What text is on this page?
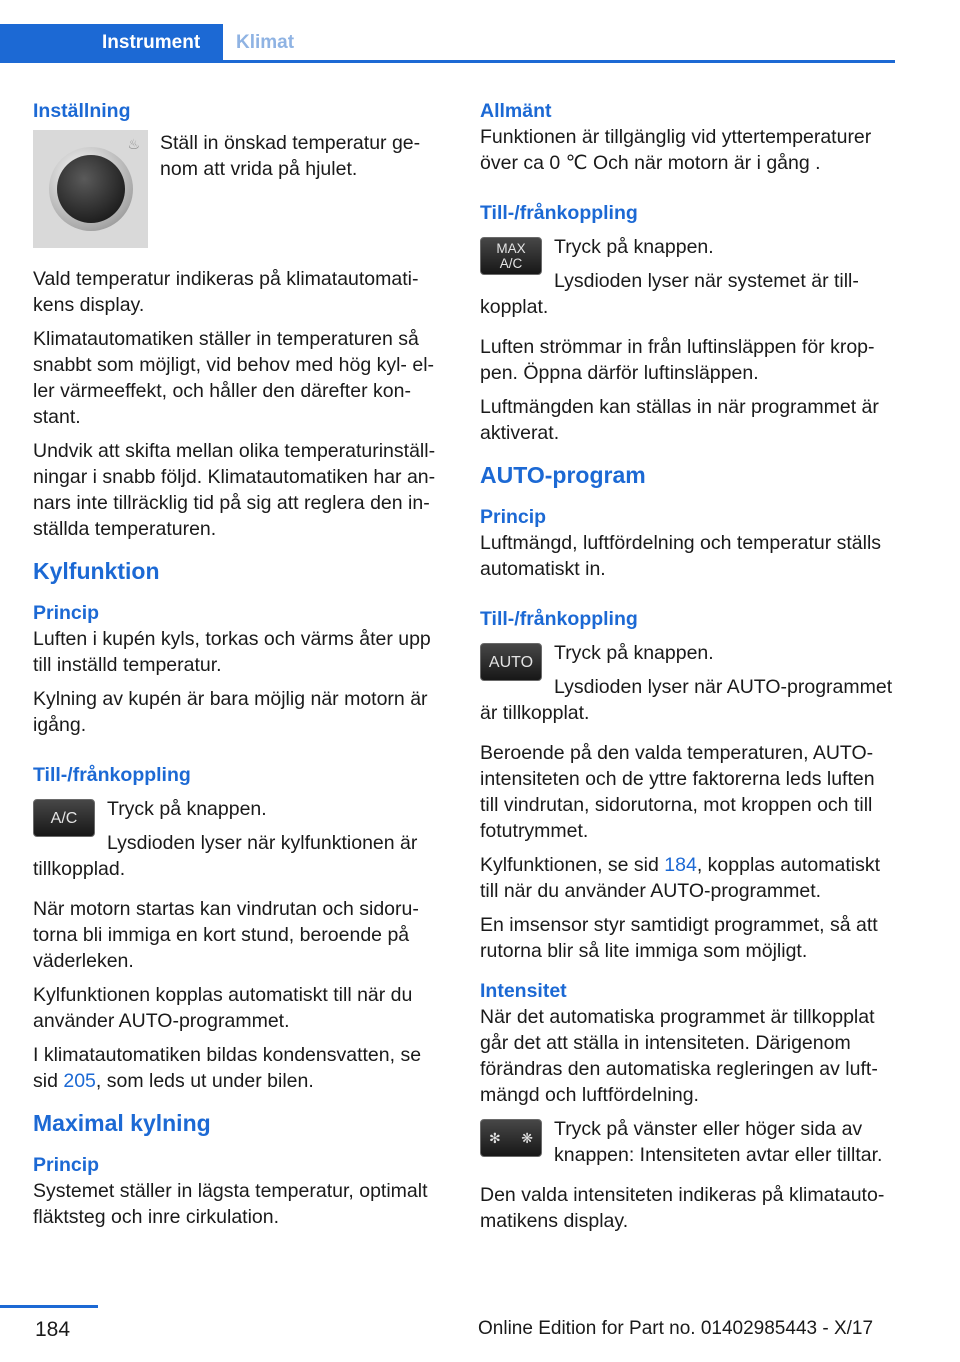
Instrument	Klimat
Inställning
♨	Ställ in önskad temperatur genom att vrida på hjulet.

Vald temperatur indikeras på klimatautomatikens display.

Klimatautomatiken ställer in temperaturen så snabbt som möjligt, vid behov med hög kyl- eller värmeeffekt, och håller den därefter konstant.

Undvik att skifta mellan olika temperaturinställningar i snabb följd. Klimatautomatiken har annars inte tillräcklig tid på sig att reglera den inställda temperaturen.

Kylfunktion
Princip

Luften i kupén kyls, torkas och värms åter upp till inställd temperatur.

Kylning av kupén är bara möjlig när motorn är igång.

Till-/frånkoppling
A/C	Tryck på knappen.

Lysdioden lyser när kylfunktionen är tillkopplad.

När motorn startas kan vindrutan och sidorutorna bli immiga en kort stund, beroende på väderleken.

Kylfunktionen kopplas automatiskt till när du använder AUTO-programmet.

I klimatautomatiken bildas kondensvatten, se sid 205, som leds ut under bilen.

Maximal kylning
Princip

Systemet ställer in lägsta temperatur, optimalt fläktsteg och inre cirkulation.

Allmänt

Funktionen är tillgänglig vid yttertemperaturer över ca 0 ℃ Och när motorn är i gång .

Till-/frånkoppling
MAX
A/C

Tryck på knappen.

Lysdioden lyser när systemet är tillkopplat.

Luften strömmar in från luftinsläppen för kroppen. Öppna därför luftinsläppen.

Luftmängden kan ställas in när programmet är aktiverat.

AUTO-program
Princip

Luftmängd, luftfördelning och temperatur ställs automatiskt in.

Till-/frånkoppling
AUTO	Tryck på knappen.

Lysdioden lyser när AUTO-programmet är tillkopplat.

Beroende på den valda temperaturen, AUTO-intensiteten och de yttre faktorerna leds luften till vindrutan, sidorutorna, mot kroppen och till fotutrymmet.

Kylfunktionen, se sid 184, kopplas automatiskt till när du använder AUTO-programmet.

En imsensor styr samtidigt programmet, så att rutorna blir så lite immiga som möjligt.

Intensitet

När det automatiska programmet är tillkopplat går det att ställa in intensiteten. Därigenom förändras den automatiska regleringen av luftmängd och luftfördelning.

✻ ❋	Tryck på vänster eller höger sida av knappen: Intensiteten avtar eller tilltar.

Den valda intensiteten indikeras på klimatautomatikens display.

184	Online Edition for Part no. 01402985443 - X/17
